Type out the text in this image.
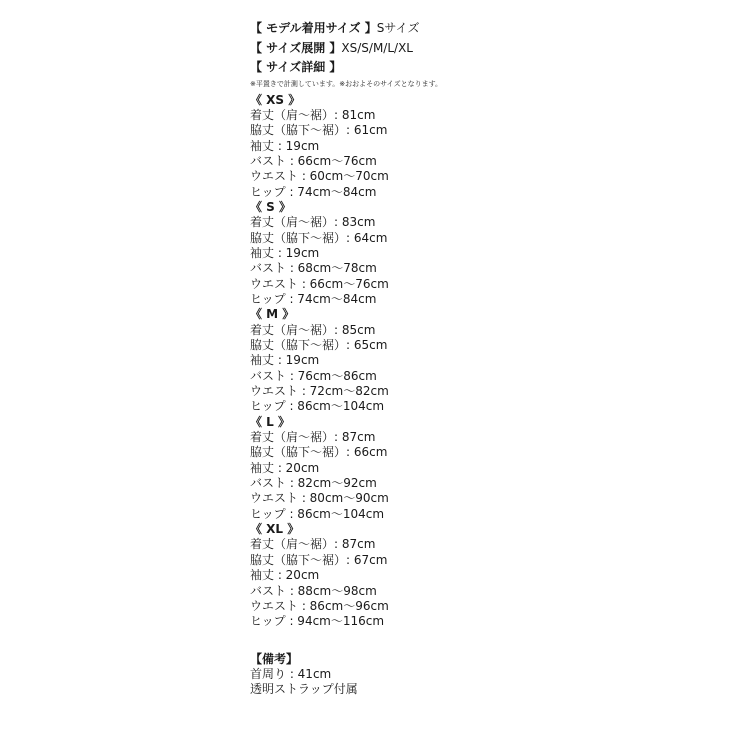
【 モデル着用サイズ 】Sサイズ
【 サイズ展開 】XS/S/M/L/XL
【 サイズ詳細 】
※平置きで計測しています。※おおよそのサイズとなります。
《 XS 》
着丈（肩～裾）: 81cm
脇丈（脇下～裾）: 61cm
袖丈 : 19cm
バスト : 66cm～76cm
ウエスト : 60cm～70cm
ヒップ : 74cm～84cm
《 S 》
着丈（肩～裾）: 83cm
脇丈（脇下～裾）: 64cm
袖丈 : 19cm
バスト : 68cm～78cm
ウエスト : 66cm～76cm
ヒップ : 74cm～84cm
《 M 》
着丈（肩～裾）: 85cm
脇丈（脇下～裾）: 65cm
袖丈 : 19cm
バスト : 76cm～86cm
ウエスト : 72cm～82cm
ヒップ : 86cm～104cm
《 L 》
着丈（肩～裾）: 87cm
脇丈（脇下～裾）: 66cm
袖丈 : 20cm
バスト : 82cm～92cm
ウエスト : 80cm～90cm
ヒップ : 86cm～104cm
《 XL 》
着丈（肩～裾）: 87cm
脇丈（脇下～裾）: 67cm
袖丈 : 20cm
バスト : 88cm～98cm
ウエスト : 86cm～96cm
ヒップ : 94cm～116cm
【備考】
首周り : 41cm
透明ストラップ付属
